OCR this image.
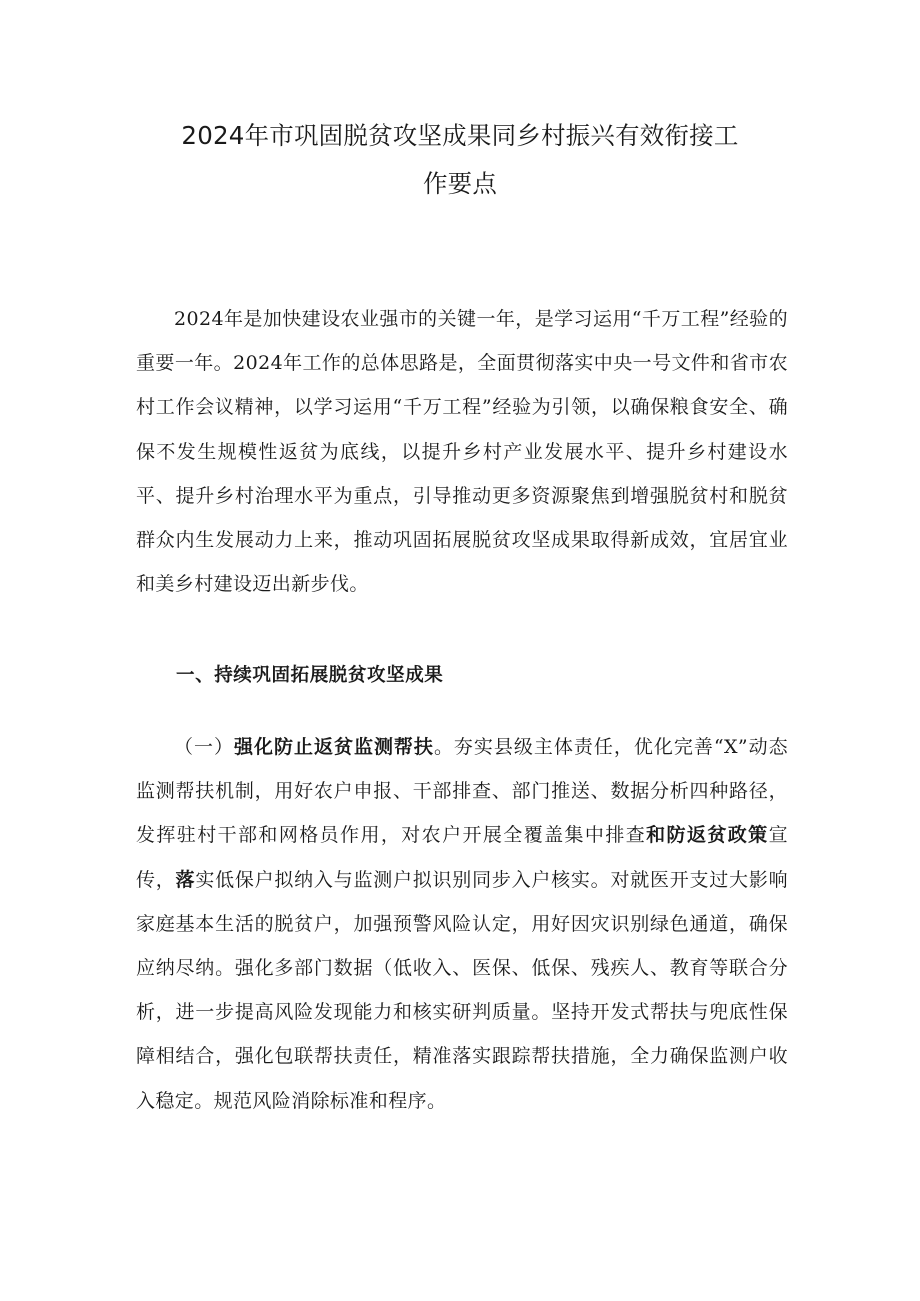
2024年市巩固脱贫攻坚成果同乡村振兴有效衔接工
作要点

2024年是加快建设农业强市的关键一年，是学习运用“千万工程”经验的重要一年。2024年工作的总体思路是，全面贯彻落实中央一号文件和省市农村工作会议精神，以学习运用“千万工程”经验为引领，以确保粮食安全、确保不发生规模性返贫为底线，以提升乡村产业发展水平、提升乡村建设水平、提升乡村治理水平为重点，引导推动更多资源聚焦到增强脱贫村和脱贫群众内生发展动力上来，推动巩固拓展脱贫攻坚成果取得新成效，宜居宜业和美乡村建设迈出新步伐。

一、持续巩固拓展脱贫攻坚成果

（一）强化防止返贫监测帮扶。夯实县级主体责任，优化完善“X”动态监测帮扶机制，用好农户申报、干部排查、部门推送、数据分析四种路径，发挥驻村干部和网格员作用，对农户开展全覆盖集中排查和防返贫政策宣传，落实低保户拟纳入与监测户拟识别同步入户核实。对就医开支过大影响家庭基本生活的脱贫户，加强预警风险认定，用好因灾识别绿色通道，确保应纳尽纳。强化多部门数据（低收入、医保、低保、残疾人、教育等联合分析，进一步提高风险发现能力和核实研判质量。坚持开发式帮扶与兜底性保障相结合，强化包联帮扶责任，精准落实跟踪帮扶措施，全力确保监测户收入稳定。规范风险消除标准和程序。
